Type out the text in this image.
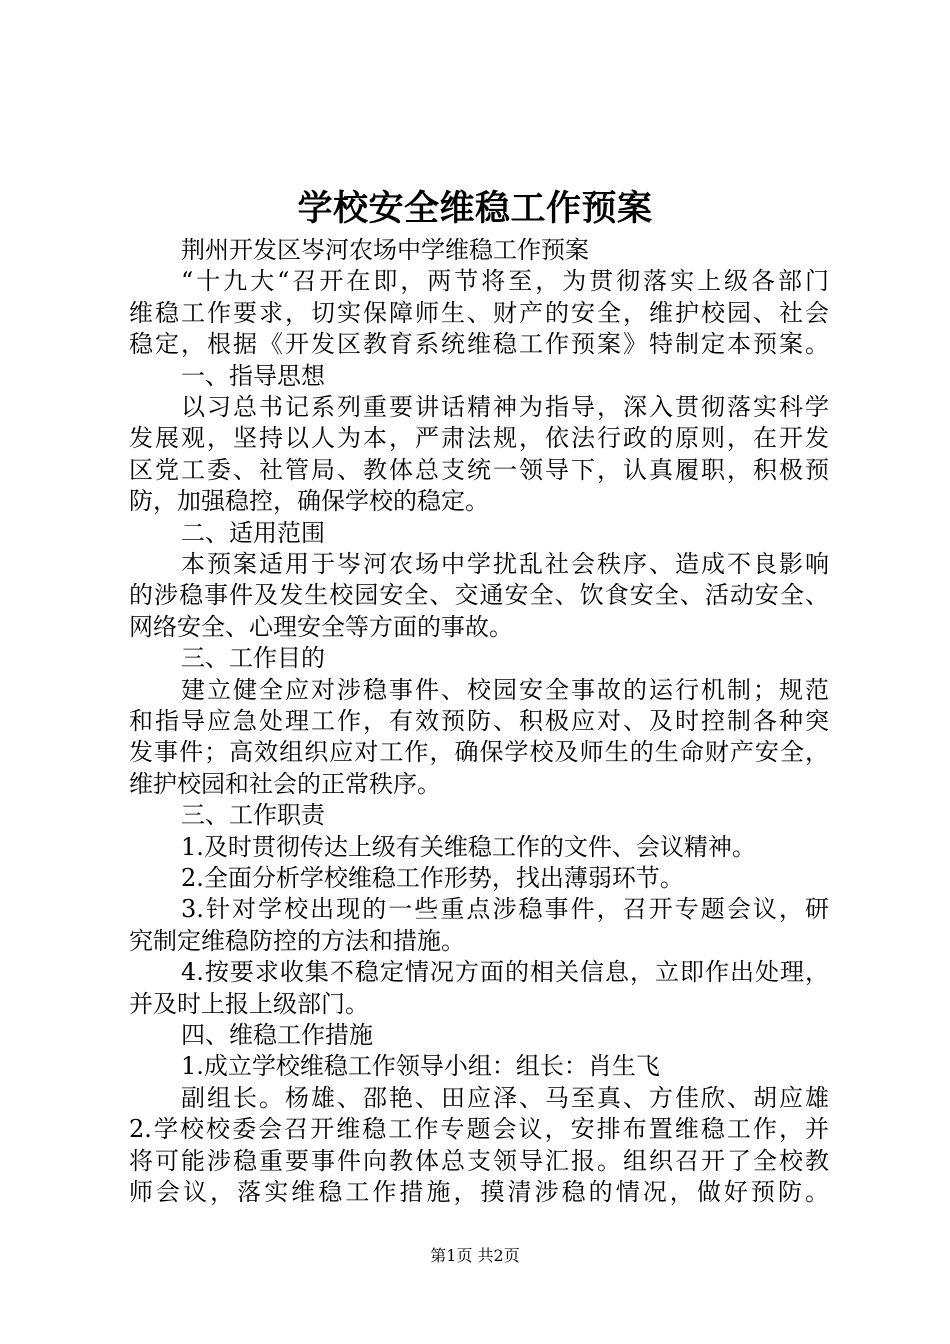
学校安全维稳工作预案
荆州开发区岑河农场中学维稳工作预案
“十九大“召开在即，两节将至，为贯彻落实上级各部门
维稳工作要求，切实保障师生、财产的安全，维护校园、社会
稳定，根据《开发区教育系统维稳工作预案》特制定本预案。
一、指导思想
以习总书记系列重要讲话精神为指导，深入贯彻落实科学
发展观，坚持以人为本，严肃法规，依法行政的原则，在开发
区党工委、社管局、教体总支统一领导下，认真履职，积极预
防，加强稳控，确保学校的稳定。
二、适用范围
本预案适用于岑河农场中学扰乱社会秩序、造成不良影响
的涉稳事件及发生校园安全、交通安全、饮食安全、活动安全、
网络安全、心理安全等方面的事故。
三、工作目的
建立健全应对涉稳事件、校园安全事故的运行机制；规范
和指导应急处理工作，有效预防、积极应对、及时控制各种突
发事件；高效组织应对工作，确保学校及师生的生命财产安全，
维护校园和社会的正常秩序。
三、工作职责
1.及时贯彻传达上级有关维稳工作的文件、会议精神。
2.全面分析学校维稳工作形势，找出薄弱环节。
3.针对学校出现的一些重点涉稳事件，召开专题会议，研
究制定维稳防控的方法和措施。
4.按要求收集不稳定情况方面的相关信息，立即作出处理，
并及时上报上级部门。
四、维稳工作措施
1.成立学校维稳工作领导小组：组长：肖生飞
副组长。杨雄、邵艳、田应泽、马至真、方佳欣、胡应雄
2.学校校委会召开维稳工作专题会议，安排布置维稳工作，并
将可能涉稳重要事件向教体总支领导汇报。组织召开了全校教
师会议，落实维稳工作措施，摸清涉稳的情况，做好预防。
第1页 共2页
